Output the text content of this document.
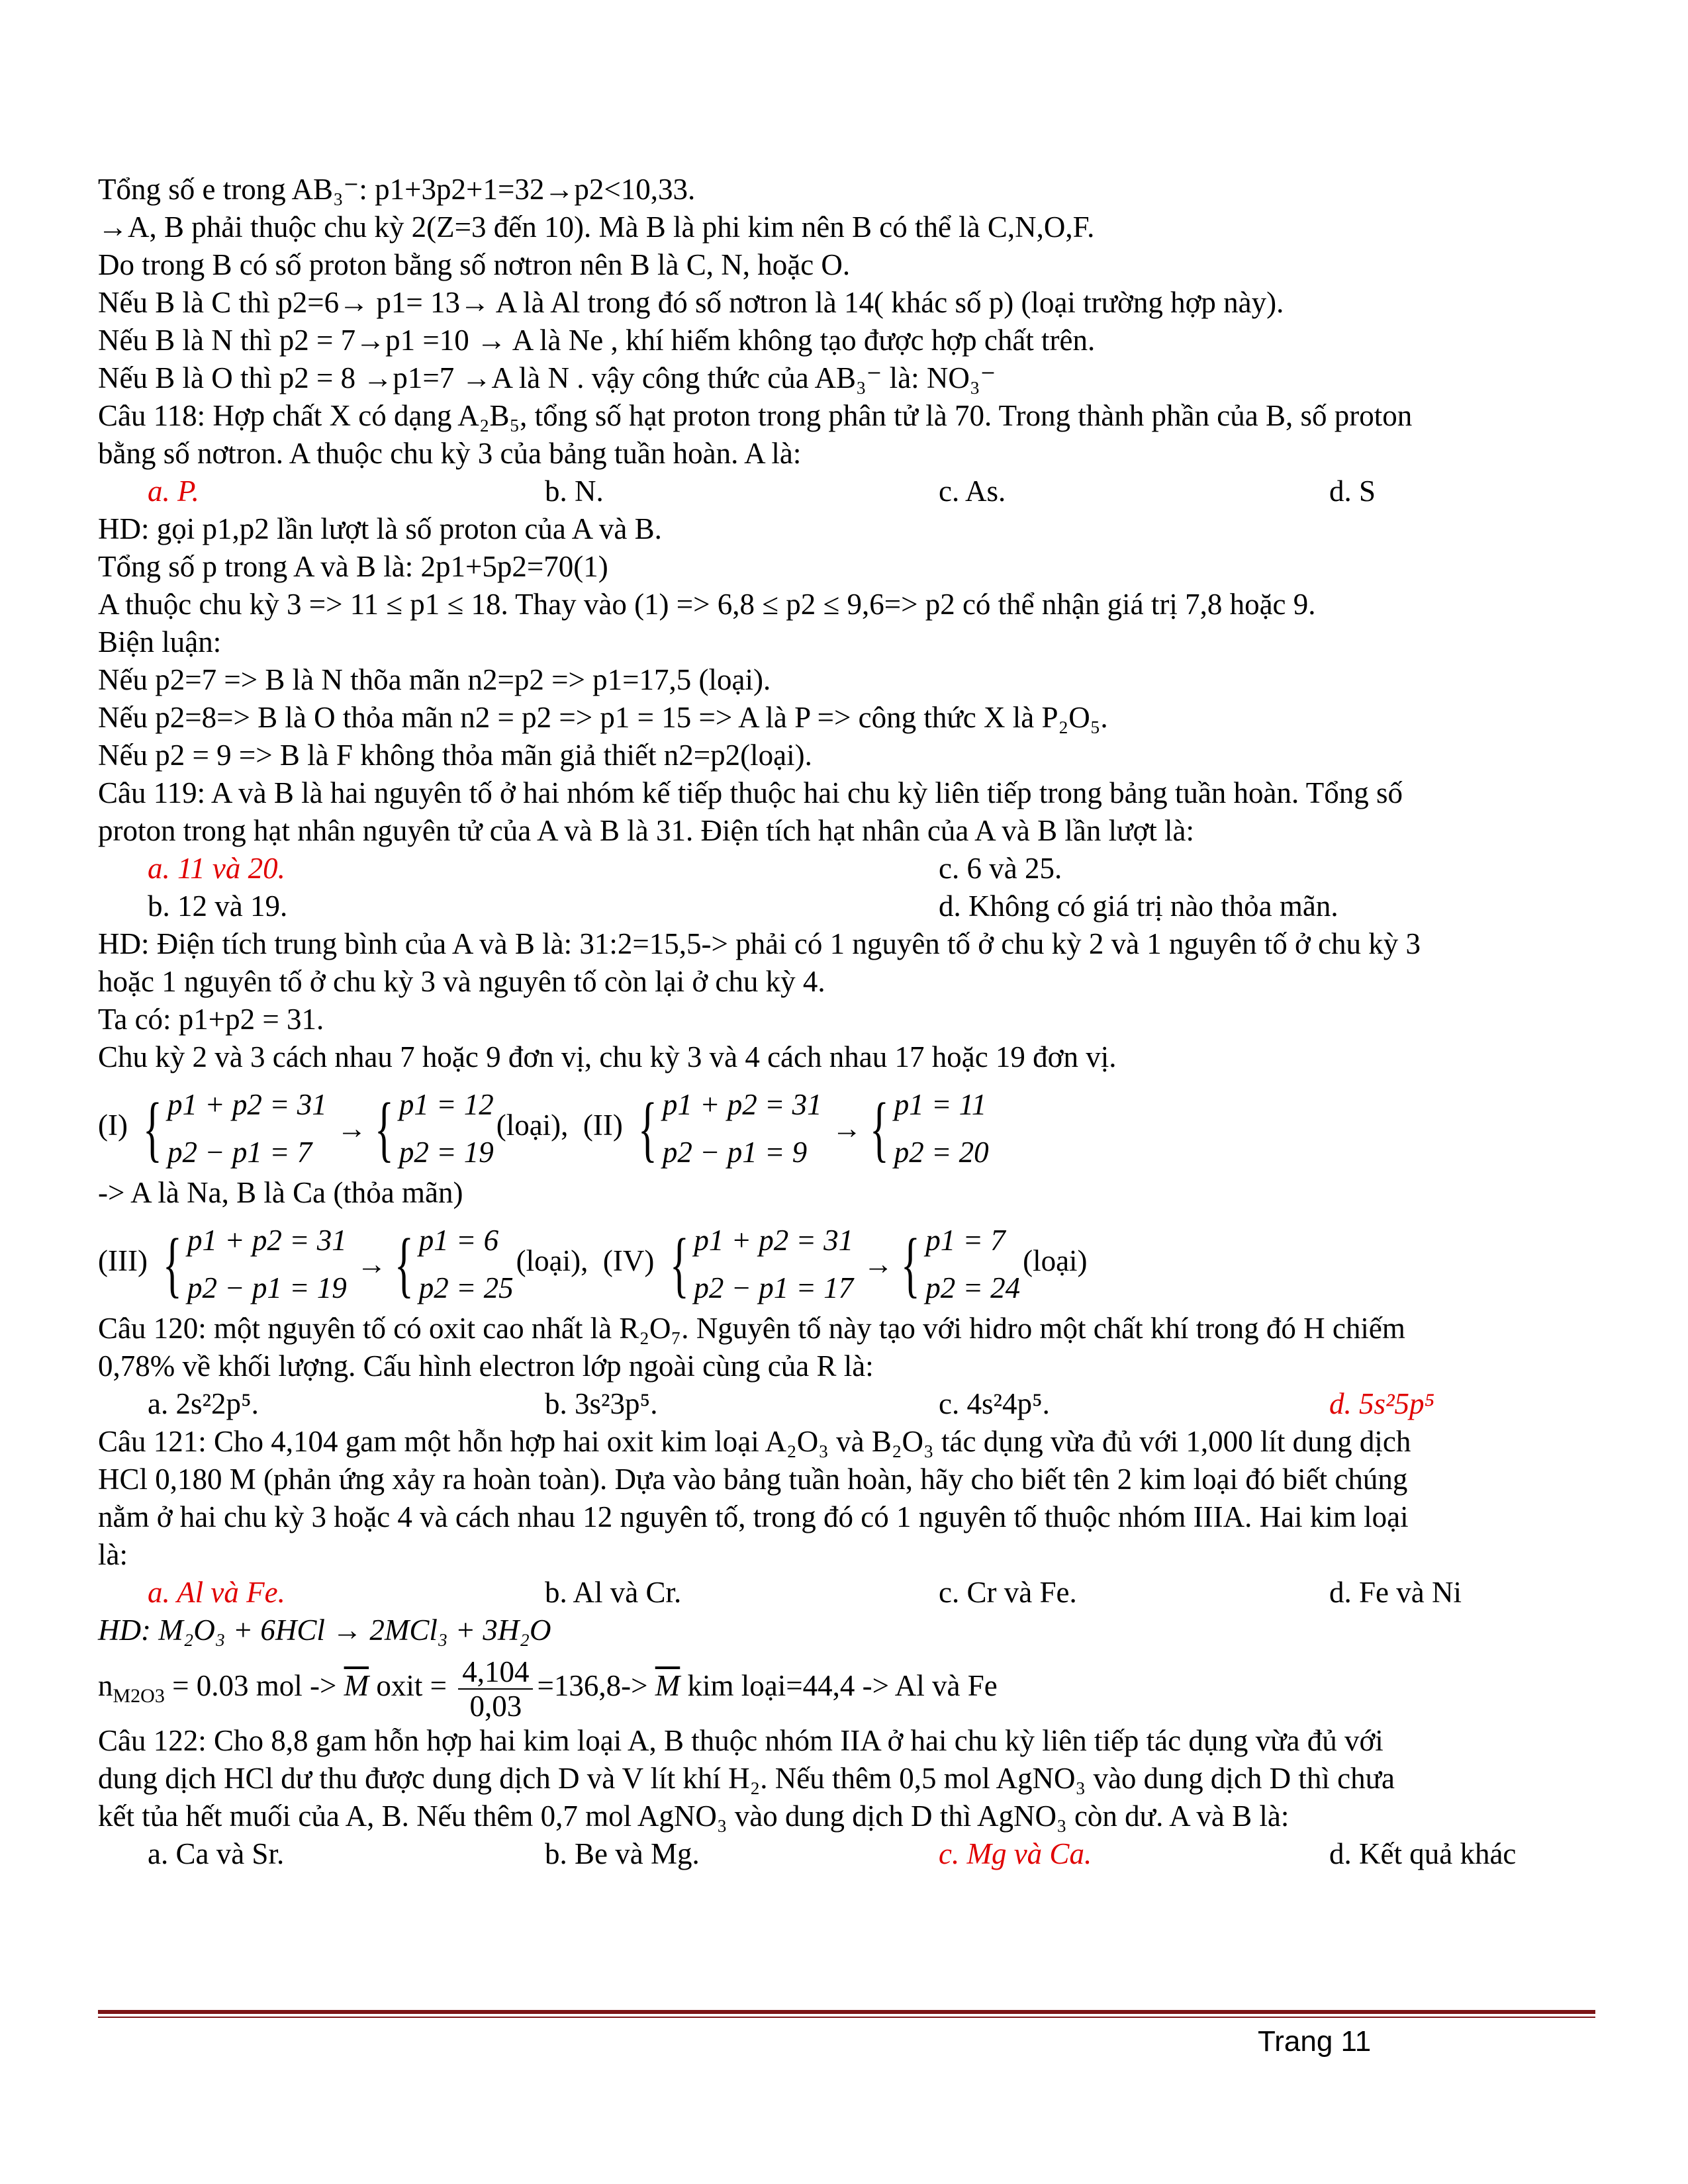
Tổng số e trong AB₃⁻: p1+3p2+1=32→p2<10,33.
→A, B phải thuộc chu kỳ 2(Z=3 đến 10). Mà B là phi kim nên B có thể là C,N,O,F.
Do trong B có số proton bằng số nơtron nên B là C, N, hoặc O.
Nếu B là C thì p2=6→ p1= 13→ A là Al trong đó số nơtron là 14( khác số p) (loại trường hợp này).
Nếu B là N thì p2 = 7→p1 =10 → A là Ne , khí hiếm không tạo được hợp chất trên.
Nếu B là O thì p2 = 8 →p1=7 →A là N . vậy công thức của AB₃⁻ là: NO₃⁻
Câu 118: Hợp chất X có dạng A₂B₅, tổng số hạt proton trong phân tử là 70. Trong thành phần của B, số proton
bằng số nơtron. A thuộc chu kỳ 3 của bảng tuần hoàn. A là:
a. P.	b. N.	c. As.	d. S
HD: gọi p1,p2 lần lượt là số proton của A và B.
Tổng số p trong A và B là: 2p1+5p2=70(1)
A thuộc chu kỳ 3 => 11 ≤ p1 ≤ 18. Thay vào (1) => 6,8 ≤ p2 ≤ 9,6=> p2 có thể nhận giá trị 7,8 hoặc 9.
Biện luận:
Nếu p2=7 => B là N thõa mãn n2=p2 => p1=17,5 (loại).
Nếu p2=8=> B là O thỏa mãn n2 = p2 => p1 = 15 => A là P => công thức X là P₂O₅.
Nếu p2 = 9 => B là F không thỏa mãn giả thiết n2=p2(loại).
Câu 119: A và B là hai nguyên tố ở hai nhóm kế tiếp thuộc hai chu kỳ liên tiếp trong bảng tuần hoàn. Tổng số
proton trong hạt nhân nguyên tử của A và B là 31. Điện tích hạt nhân của A và B lần lượt là:
a. 11 và 20.	c. 6 và 25.
b. 12 và 19.	d. Không có giá trị nào thỏa mãn.
HD: Điện tích trung bình của A và B là: 31:2=15,5-> phải có 1 nguyên tố ở chu kỳ 2 và 1 nguyên tố ở chu kỳ 3
hoặc 1 nguyên tố ở chu kỳ 3 và nguyên tố còn lại ở chu kỳ 4.
Ta có: p1+p2 = 31.
Chu kỳ 2 và 3 cách nhau 7 hoặc 9 đơn vị, chu kỳ 3 và 4 cách nhau 17 hoặc 19 đơn vị.
(I) { p1 + p2 = 31
p2 − p1 = 7
→ { p1 = 12
p2 = 19
(loại), (II) { p1 + p2 = 31
p2 − p1 = 9
→ { p1 = 11
p2 = 20
-> A là Na, B là Ca (thỏa mãn)
(III) { p1 + p2 = 31
p2 − p1 = 19
→ { p1 = 6
p2 = 25
(loại), (IV) { p1 + p2 = 31
p2 − p1 = 17
→ { p1 = 7
p2 = 24
(loại)
Câu 120: một nguyên tố có oxit cao nhất là R₂O₇. Nguyên tố này tạo với hidro một chất khí trong đó H chiếm
0,78% về khối lượng. Cấu hình electron lớp ngoài cùng của R là:
a. 2s²2p⁵.	b. 3s²3p⁵.	c. 4s²4p⁵.	d. 5s²5p⁵
Câu 121: Cho 4,104 gam một hỗn hợp hai oxit kim loại A₂O₃ và B₂O₃ tác dụng vừa đủ với 1,000 lít dung dịch
HCl 0,180 M (phản ứng xảy ra hoàn toàn). Dựa vào bảng tuần hoàn, hãy cho biết tên 2 kim loại đó biết chúng
nằm ở hai chu kỳ 3 hoặc 4 và cách nhau 12 nguyên tố, trong đó có 1 nguyên tố thuộc nhóm IIIA. Hai kim loại
là:
a. Al và Fe.	b. Al và Cr.	c. Cr và Fe.	d. Fe và Ni
HD: M₂O₃ + 6HCl → 2MCl₃ + 3H₂O
$n_{M2O3} = 0.03$ mol -> $\overline{M}$ oxit = $\frac{4,104}{0,03} =136,8-> \overline{M}$ kim loại=44,4 -> Al và Fe
Câu 122: Cho 8,8 gam hỗn hợp hai kim loại A, B thuộc nhóm IIA ở hai chu kỳ liên tiếp tác dụng vừa đủ với
dung dịch HCl dư thu được dung dịch D và V lít khí H₂. Nếu thêm 0,5 mol AgNO₃ vào dung dịch D thì chưa
kết tủa hết muối của A, B. Nếu thêm 0,7 mol AgNO₃ vào dung dịch D thì AgNO₃ còn dư. A và B là:
a. Ca và Sr.	b. Be và Mg.	c. Mg và Ca.	d. Kết quả khác
Trang 11
